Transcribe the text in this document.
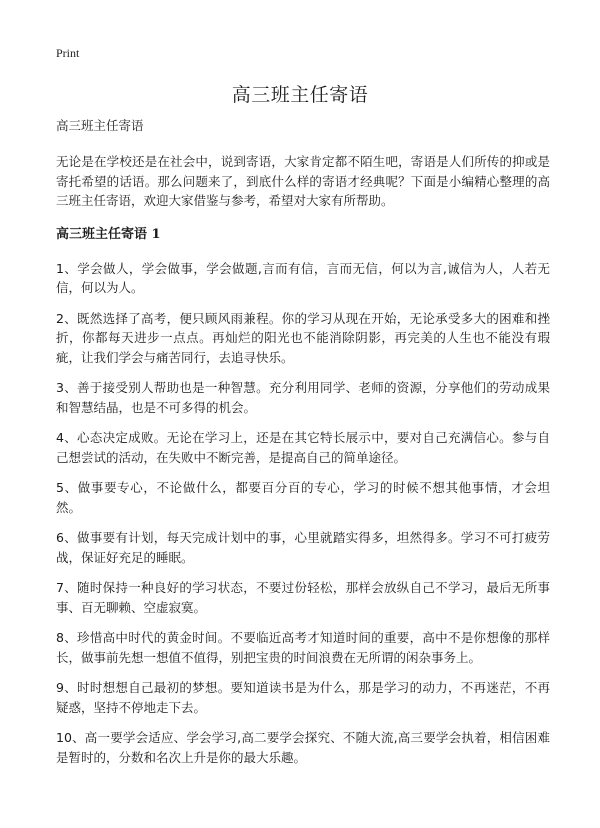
Print
高三班主任寄语

高三班主任寄语

无论是在学校还是在社会中，说到寄语，大家肯定都不陌生吧，寄语是人们所传的抑或是寄托希望的话语。那么问题来了，到底什么样的寄语才经典呢？下面是小编精心整理的高三班主任寄语，欢迎大家借鉴与参考，希望对大家有所帮助。

高三班主任寄语 1

1、学会做人，学会做事，学会做题,言而有信，言而无信，何以为言,诚信为人，人若无信，何以为人。

2、既然选择了高考，便只顾风雨兼程。你的学习从现在开始，无论承受多大的困难和挫折，你都每天进步一点点。再灿烂的阳光也不能消除阴影，再完美的人生也不能没有瑕疵，让我们学会与痛苦同行，去追寻快乐。

3、善于接受别人帮助也是一种智慧。充分利用同学、老师的资源，分享他们的劳动成果和智慧结晶，也是不可多得的机会。

4、心态决定成败。无论在学习上，还是在其它特长展示中，要对自己充满信心。参与自己想尝试的活动，在失败中不断完善，是提高自己的简单途径。

5、做事要专心，不论做什么，都要百分百的专心，学习的时候不想其他事情，才会坦然。

6、做事要有计划，每天完成计划中的事，心里就踏实得多，坦然得多。学习不可打疲劳战，保证好充足的睡眠。

7、随时保持一种良好的学习状态，不要过份轻松，那样会放纵自己不学习，最后无所事事、百无聊赖、空虚寂寞。

8、珍惜高中时代的黄金时间。不要临近高考才知道时间的重要，高中不是你想像的那样长，做事前先想一想值不值得，别把宝贵的时间浪费在无所谓的闲杂事务上。

9、时时想想自己最初的梦想。要知道读书是为什么，那是学习的动力，不再迷茫，不再疑惑，坚持不停地走下去。

10、高一要学会适应、学会学习,高二要学会探究、不随大流,高三要学会执着，相信困难是暂时的，分数和名次上升是你的最大乐趣。
